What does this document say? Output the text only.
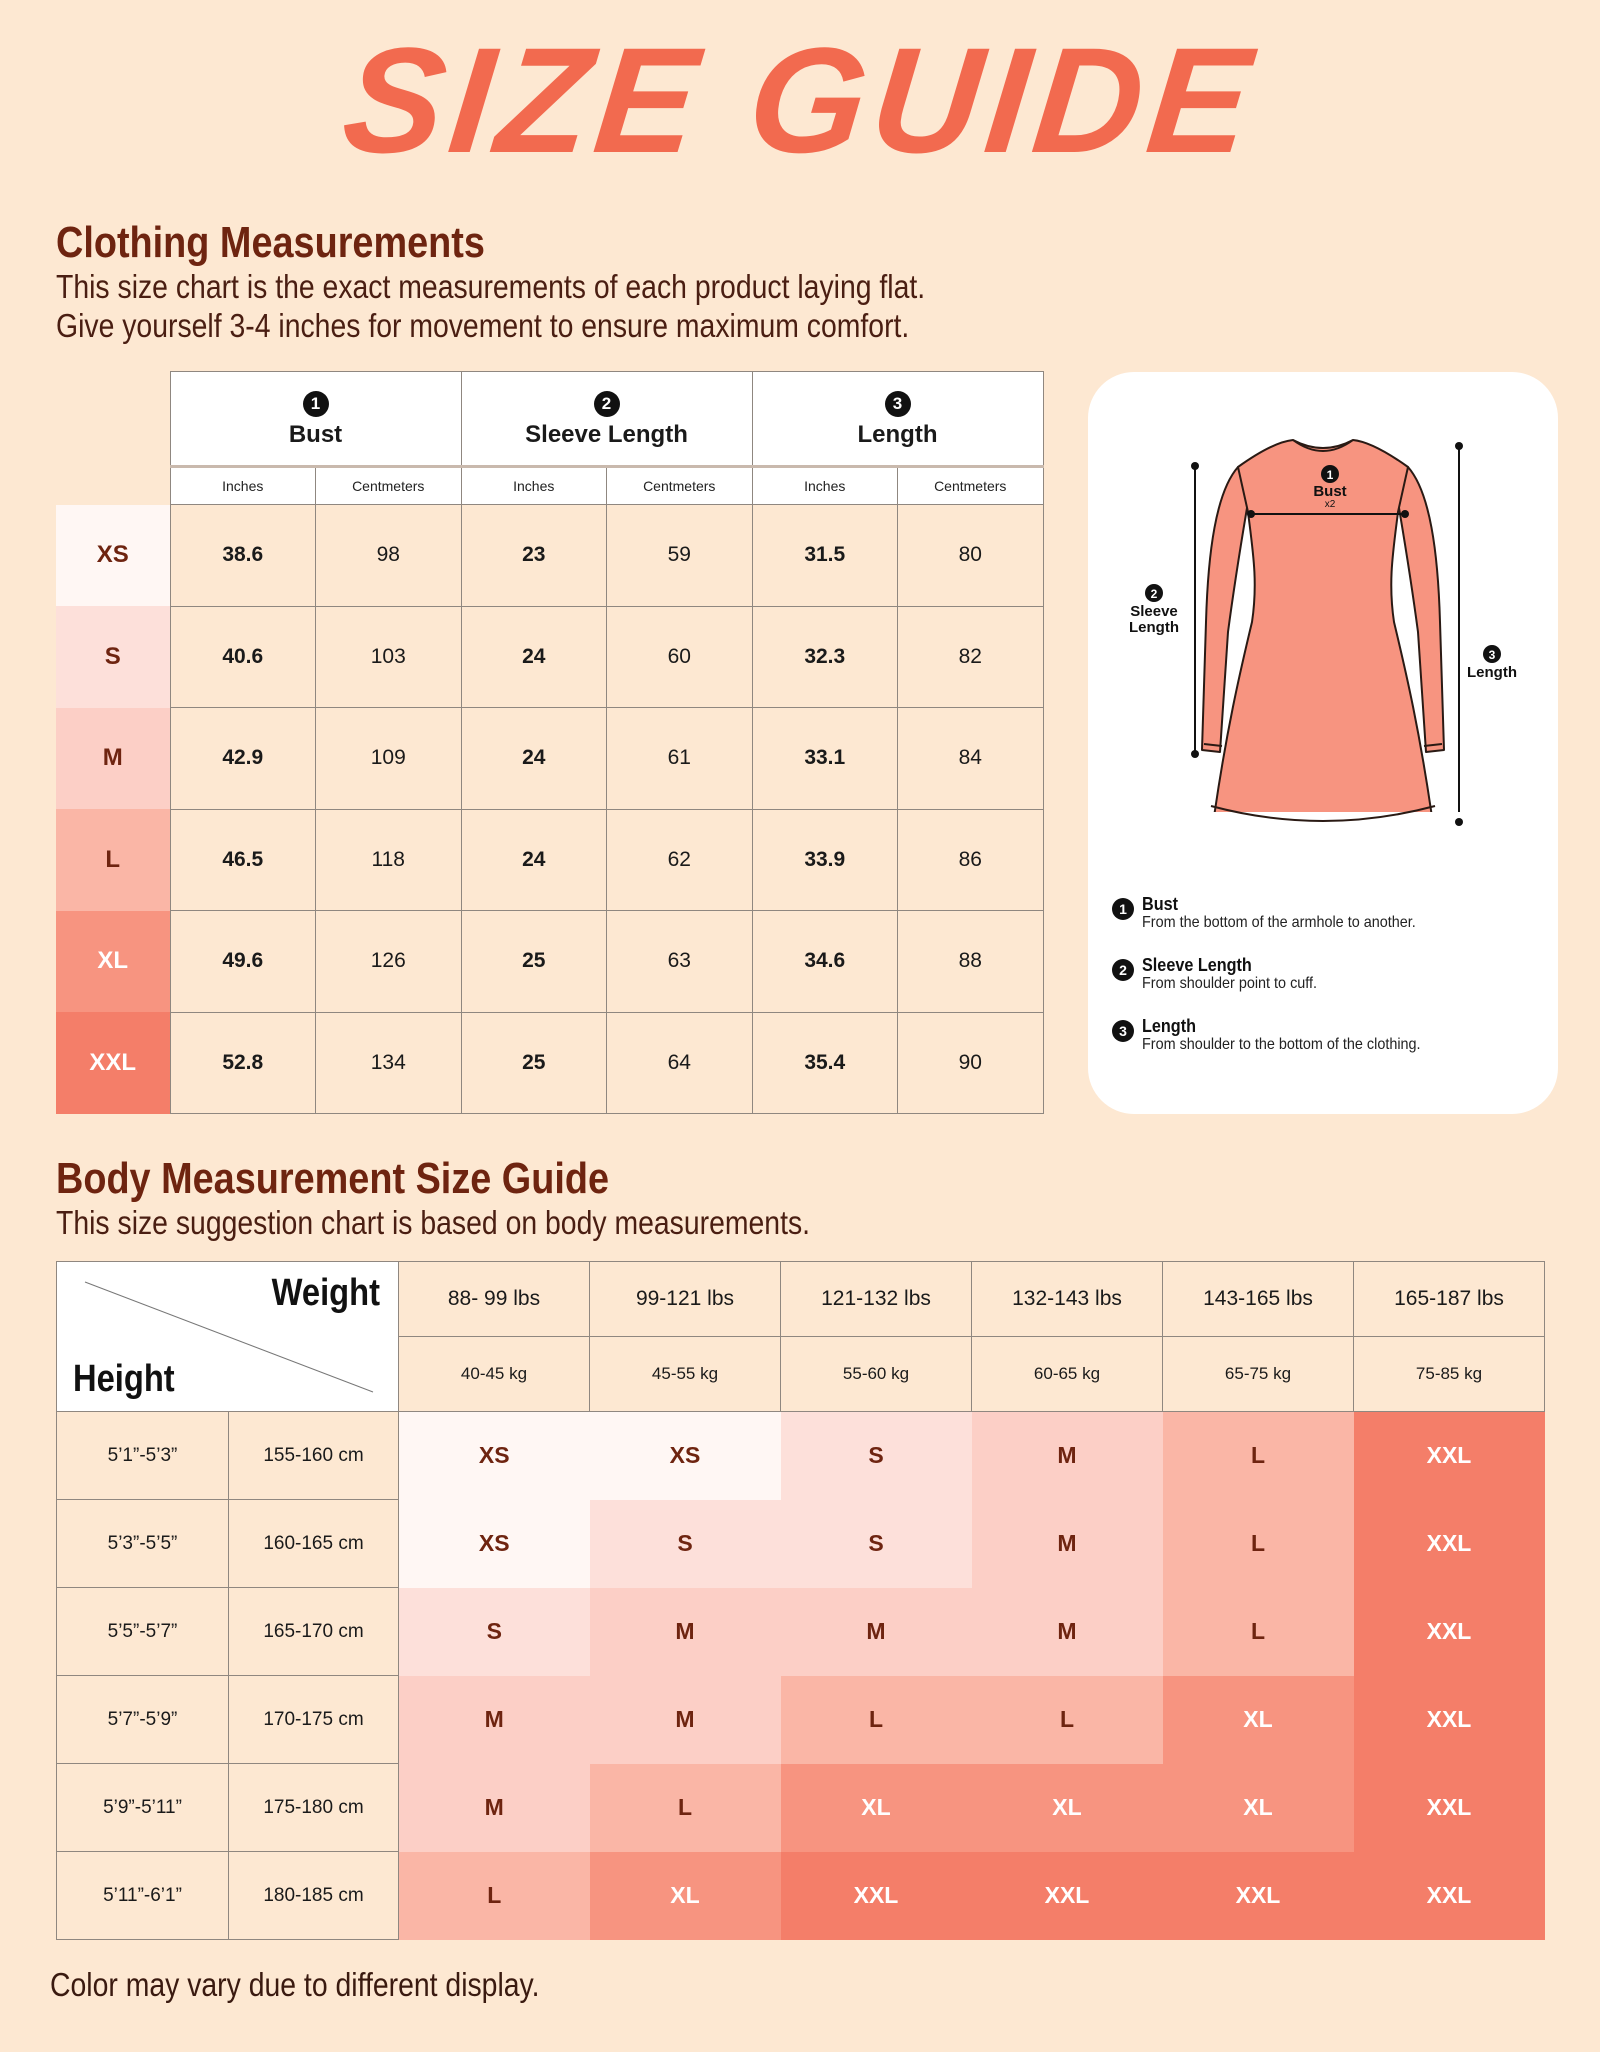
SIZE GUIDE
Clothing Measurements
This size chart is the exact measurements of each product laying flat.
Give yourself 3-4 inches for movement to ensure maximum comfort.
	1
Bust		2
Sleeve Length		3
Length	

	Inches	Centmeters	Inches	Centmeters	Inches	Centmeters
XS	38.6	98	23	59	31.5	80
S	40.6	103	24	60	32.3	82
M	42.9	109	24	61	33.1	84
L	46.5	118	24	62	33.9	86
XL	49.6	126	25	63	34.6	88
XXL	52.8	134	25	64	35.4	90
1
Bust
x2
2
Sleeve
Length
3
Length
1 Bust
From the bottom of the armhole to another.
2 Sleeve Length
From shoulder point to cuff.
3 Length
From shoulder to the bottom of the clothing.
Body Measurement Size Guide
This size suggestion chart is based on body measurements.
Weight
Height		88- 99 lbs	99-121 lbs	121-132 lbs	132-143 lbs	143-165 lbs	165-187 lbs
		40-45 kg	45-55 kg	55-60 kg	60-65 kg	65-75 kg	75-85 kg
5’1”-5’3”	155-160 cm	XS	XS	S	M	L	XXL
5’3”-5’5”	160-165 cm	XS	S	S	M	L	XXL
5’5”-5’7”	165-170 cm	S	M	M	M	L	XXL
5’7”-5’9”	170-175 cm	M	M	L	L	XL	XXL
5’9”-5’11”	175-180 cm	M	L	XL	XL	XL	XXL
5’11”-6’1”	180-185 cm	L	XL	XXL	XXL	XXL	XXL
Color may vary due to different display.
